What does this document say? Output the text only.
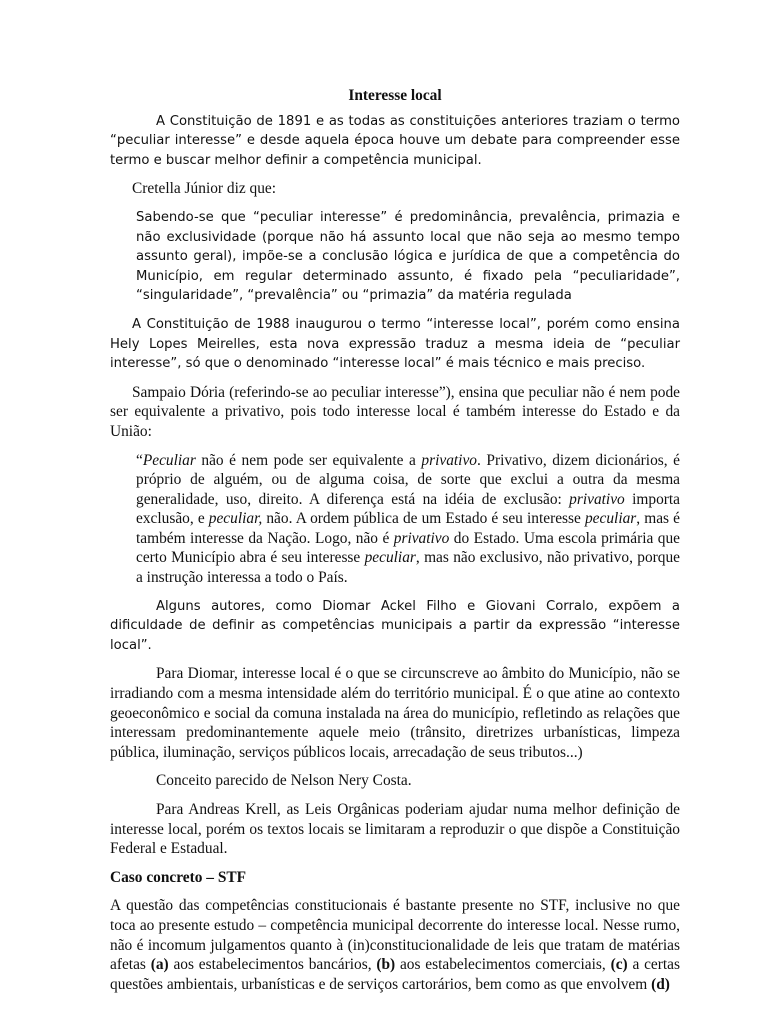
Interesse local

A Constituição de 1891 e as todas as constituições anteriores traziam o termo “peculiar interesse” e desde aquela época houve um debate para compreender esse termo e buscar melhor definir a competência municipal.

Cretella Júnior diz que:

Sabendo-se que “peculiar interesse” é predominância, prevalência, primazia e não exclusividade (porque não há assunto local que não seja ao mesmo tempo assunto geral), impõe-se a conclusão lógica e jurídica de que a competência do Município, em regular determinado assunto, é fixado pela “peculiaridade”, “singularidade”, “prevalência” ou “primazia” da matéria regulada

A Constituição de 1988 inaugurou o termo “interesse local”, porém como ensina Hely Lopes Meirelles, esta nova expressão traduz a mesma ideia de “peculiar interesse”, só que o denominado “interesse local” é mais técnico e mais preciso.

Sampaio Dória (referindo-se ao peculiar interesse”), ensina que peculiar não é nem pode ser equivalente a privativo, pois todo interesse local é também interesse do Estado e da União:

“Peculiar não é nem pode ser equivalente a privativo. Privativo, dizem dicionários, é próprio de alguém, ou de alguma coisa, de sorte que exclui a outra da mesma generalidade, uso, direito. A diferença está na idéia de exclusão: privativo importa exclusão, e peculiar, não. A ordem pública de um Estado é seu interesse peculiar, mas é também interesse da Nação. Logo, não é privativo do Estado. Uma escola primária que certo Município abra é seu interesse peculiar, mas não exclusivo, não privativo, porque a instrução interessa a todo o País.

Alguns autores, como Diomar Ackel Filho e Giovani Corralo, expõem a dificuldade de definir as competências municipais a partir da expressão “interesse local”.

Para Diomar, interesse local é o que se circunscreve ao âmbito do Município, não se irradiando com a mesma intensidade além do território municipal. É o que atine ao contexto geoeconômico e social da comuna instalada na área do município, refletindo as relações que interessam predominantemente aquele meio (trânsito, diretrizes urbanísticas, limpeza pública, iluminação, serviços públicos locais, arrecadação de seus tributos...)

Conceito parecido de Nelson Nery Costa.

Para Andreas Krell, as Leis Orgânicas poderiam ajudar numa melhor definição de interesse local, porém os textos locais se limitaram a reproduzir o que dispõe a Constituição Federal e Estadual.

Caso concreto – STF

A questão das competências constitucionais é bastante presente no STF, inclusive no que toca ao presente estudo – competência municipal decorrente do interesse local. Nesse rumo, não é incomum julgamentos quanto à (in)constitucionalidade de leis que tratam de matérias afetas (a) aos estabelecimentos bancários, (b) aos estabelecimentos comerciais, (c) a certas questões ambientais, urbanísticas e de serviços cartorários, bem como as que envolvem (d)
